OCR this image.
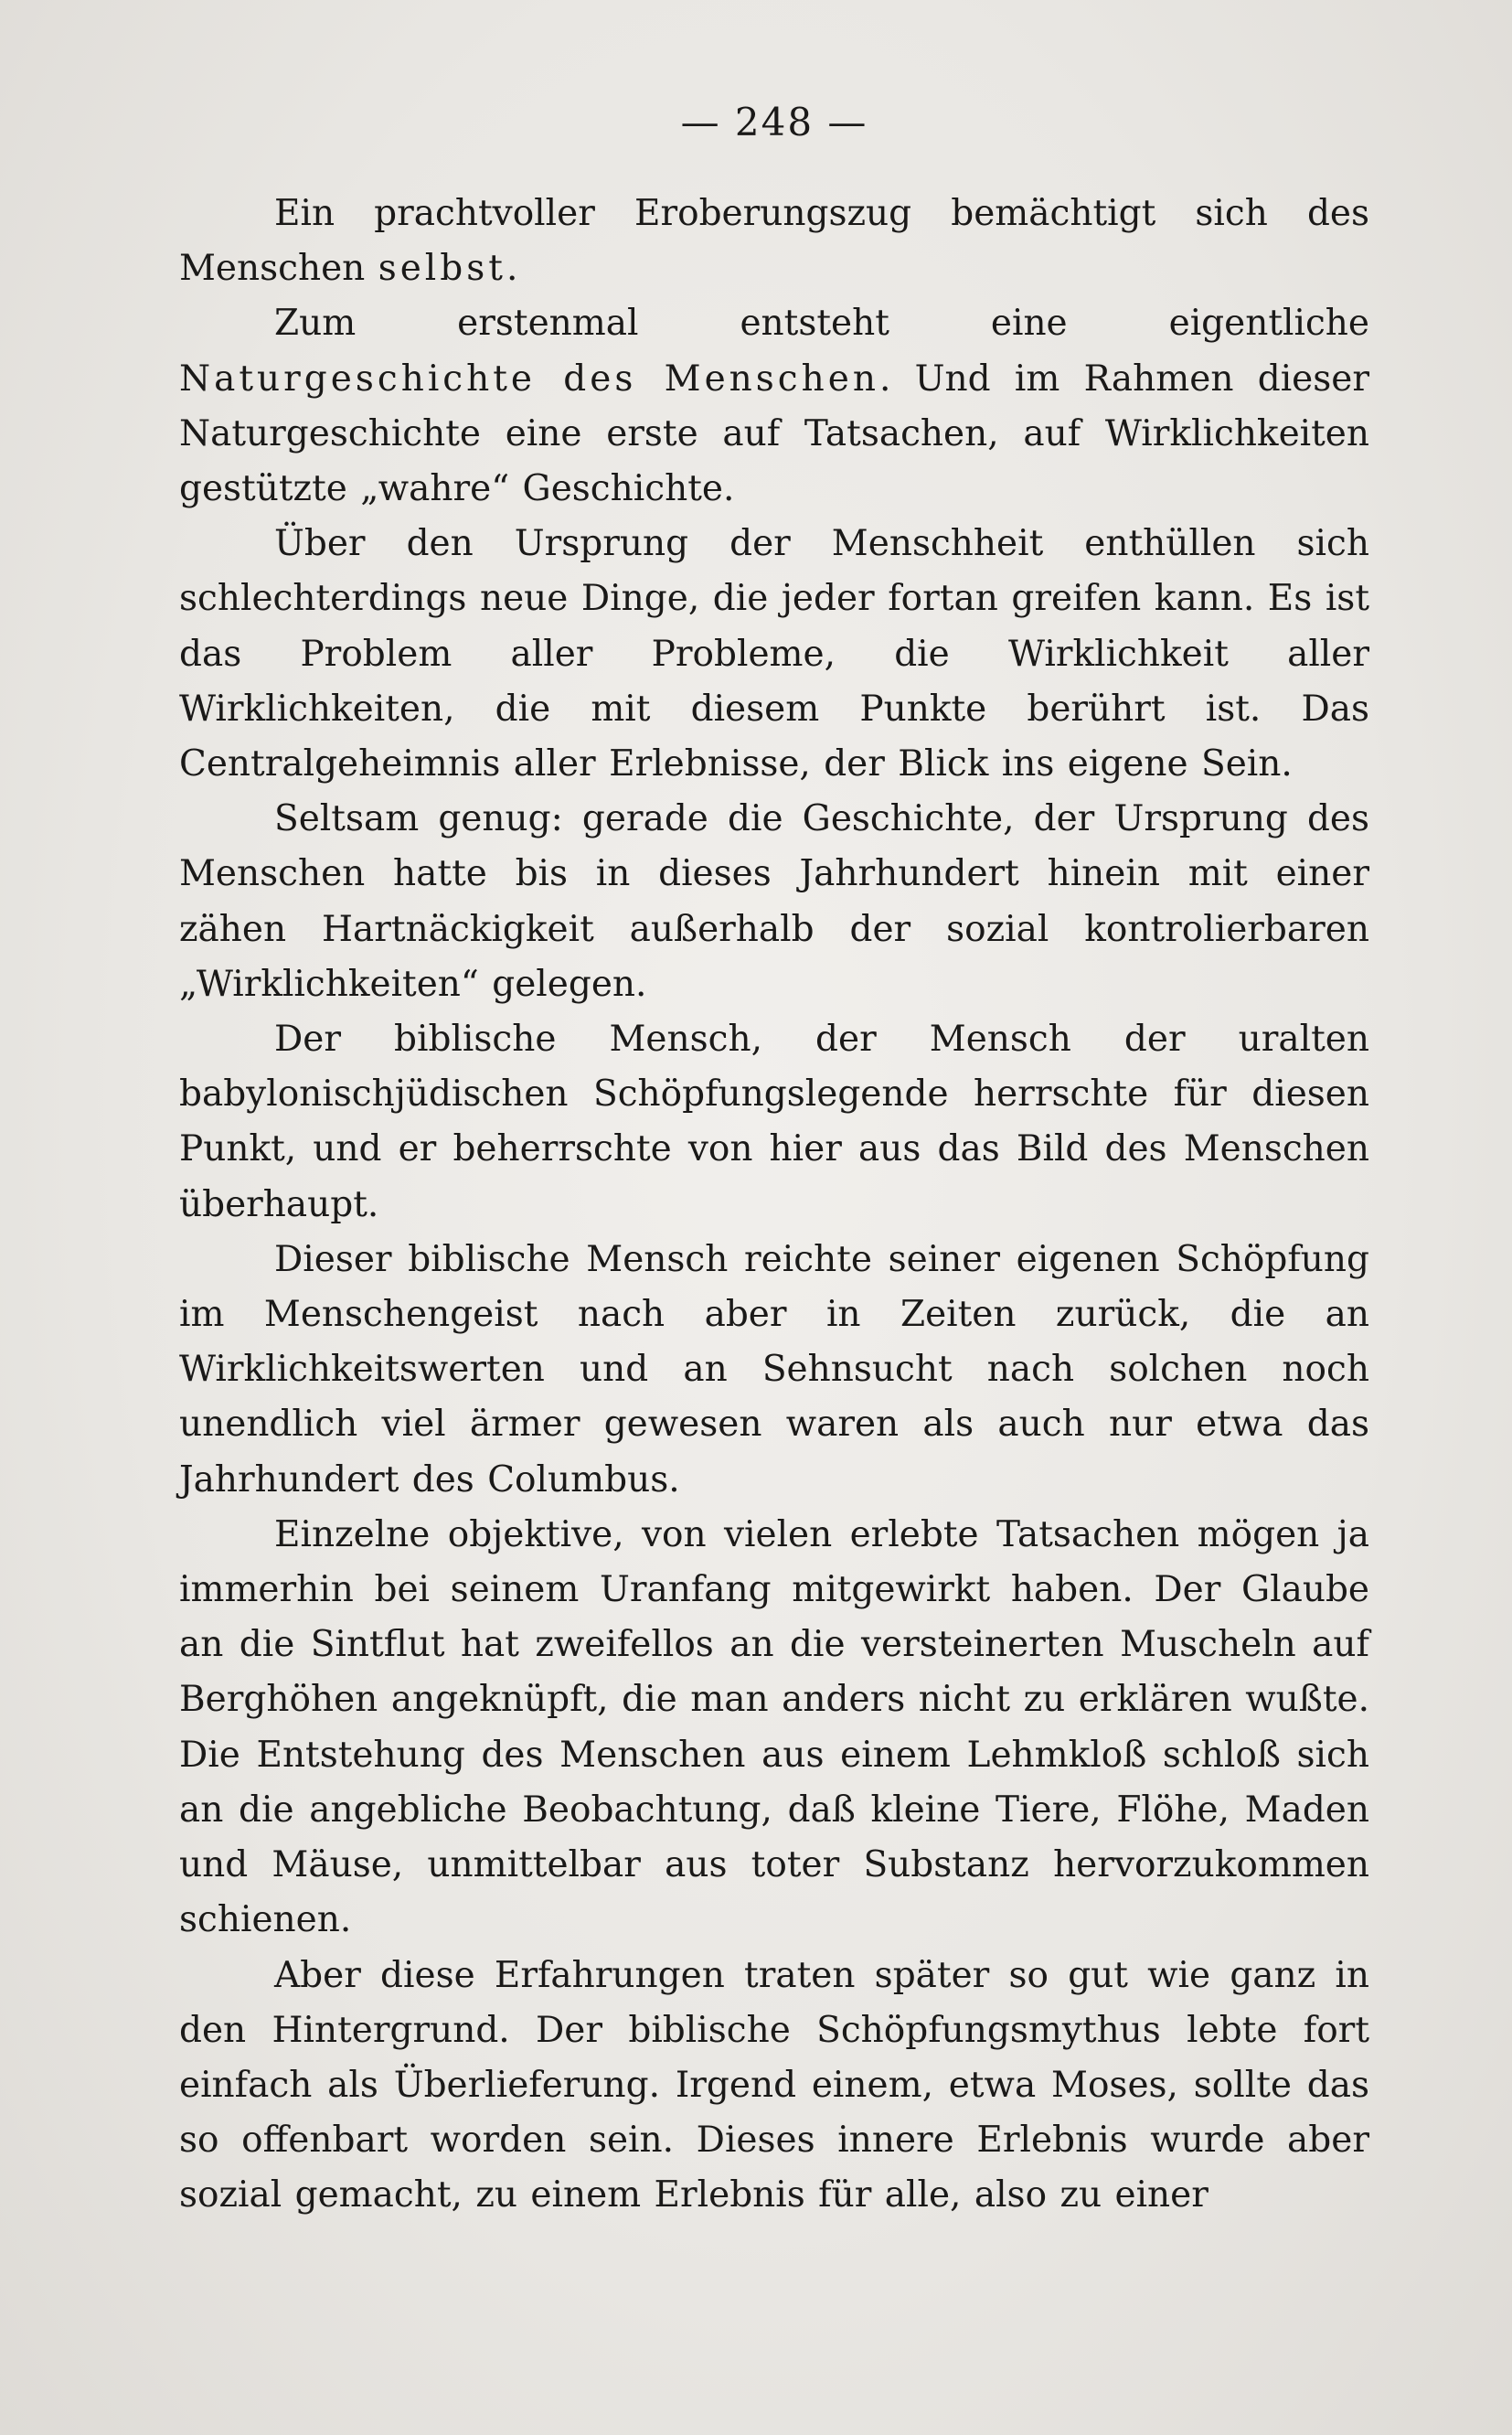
— 248 —

Ein prachtvoller Eroberungszug bemächtigt sich des Menschen selbst.

Zum erstenmal entsteht eine eigentliche Naturgeschichte des Menschen. Und im Rahmen dieser Naturgeschichte eine erste auf Tatsachen, auf Wirklichkeiten gestützte „wahre“ Geschichte.

Über den Ursprung der Menschheit enthüllen sich schlechterdings neue Dinge, die jeder fortan greifen kann. Es ist das Problem aller Probleme, die Wirklichkeit aller Wirklichkeiten, die mit diesem Punkte berührt ist. Das Centralgeheimnis aller Erlebnisse, der Blick ins eigene Sein.

Seltsam genug: gerade die Geschichte, der Ursprung des Menschen hatte bis in dieses Jahrhundert hinein mit einer zähen Hartnäckigkeit außerhalb der sozial kontrolierbaren „Wirklichkeiten“ gelegen.

Der biblische Mensch, der Mensch der uralten babylonischjüdischen Schöpfungslegende herrschte für diesen Punkt, und er beherrschte von hier aus das Bild des Menschen überhaupt.

Dieser biblische Mensch reichte seiner eigenen Schöpfung im Menschengeist nach aber in Zeiten zurück, die an Wirklichkeitswerten und an Sehnsucht nach solchen noch unendlich viel ärmer gewesen waren als auch nur etwa das Jahrhundert des Columbus.

Einzelne objektive, von vielen erlebte Tatsachen mögen ja immerhin bei seinem Uranfang mitgewirkt haben. Der Glaube an die Sintflut hat zweifellos an die versteinerten Muscheln auf Berghöhen angeknüpft, die man anders nicht zu erklären wußte. Die Entstehung des Menschen aus einem Lehmkloß schloß sich an die angebliche Beobachtung, daß kleine Tiere, Flöhe, Maden und Mäuse, unmittelbar aus toter Substanz hervorzukommen schienen.

Aber diese Erfahrungen traten später so gut wie ganz in den Hintergrund. Der biblische Schöpfungsmythus lebte fort einfach als Überlieferung. Irgend einem, etwa Moses, sollte das so offenbart worden sein. Dieses innere Erlebnis wurde aber sozial gemacht, zu einem Erlebnis für alle, also zu einer
